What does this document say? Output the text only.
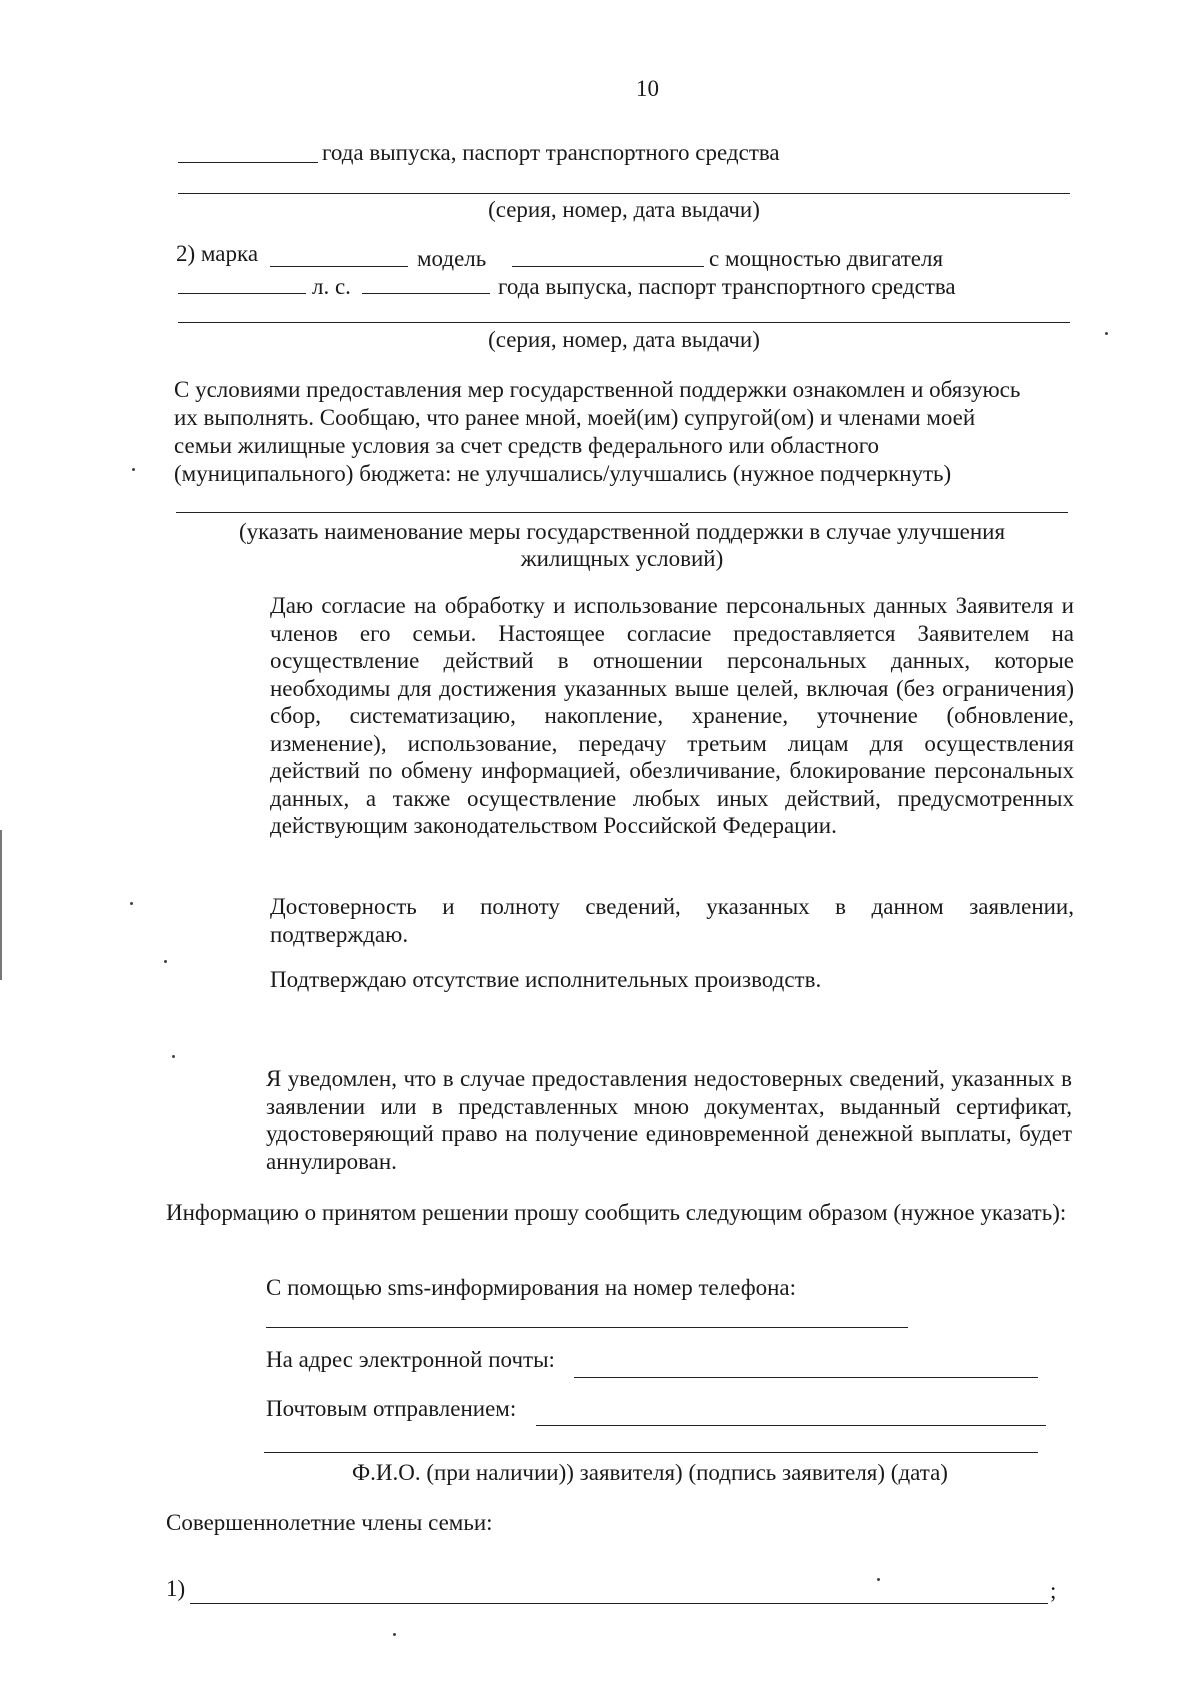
10
года выпуска, паспорт транспортного средства
(серия, номер, дата выдачи)
2) марка	модель	с мощностью двигателя
л. с.	года выпуска, паспорт транспортного средства
(серия, номер, дата выдачи)
С условиями предоставления мер государственной поддержки ознакомлен и обязуюсь
их выполнять. Сообщаю, что ранее мной, моей(им) супругой(ом) и членами моей
семьи жилищные условия за счет средств федерального или областного
(муниципального) бюджета: не улучшались/улучшались (нужное подчеркнуть)
(указать наименование меры государственной поддержки в случае улучшения
жилищных условий)
Даю согласие на обработку и использование персональных данных Заявителя и членов его семьи. Настоящее согласие предоставляется Заявителем на осуществление действий в отношении персональных данных, которые необходимы для достижения указанных выше целей, включая (без ограничения) сбор, систематизацию, накопление, хранение, уточнение (обновление, изменение), использование, передачу третьим лицам для осуществления действий по обмену информацией, обезличивание, блокирование персональных данных, а также осуществление любых иных действий, предусмотренных действующим законодательством Российской Федерации.
Достоверность и полноту сведений, указанных в данном заявлении, подтверждаю.
Подтверждаю отсутствие исполнительных производств.
Я уведомлен, что в случае предоставления недостоверных сведений, указанных в заявлении или в представленных мною документах, выданный сертификат, удостоверяющий право на получение единовременной денежной выплаты, будет аннулирован.
Информацию о принятом решении прошу сообщить следующим образом (нужное указать):
С помощью sms-информирования на номер телефона:
На адрес электронной почты:
Почтовым отправлением:
Ф.И.О. (при наличии)) заявителя) (подпись заявителя) (дата)
Совершеннолетние члены семьи:
1)	;
